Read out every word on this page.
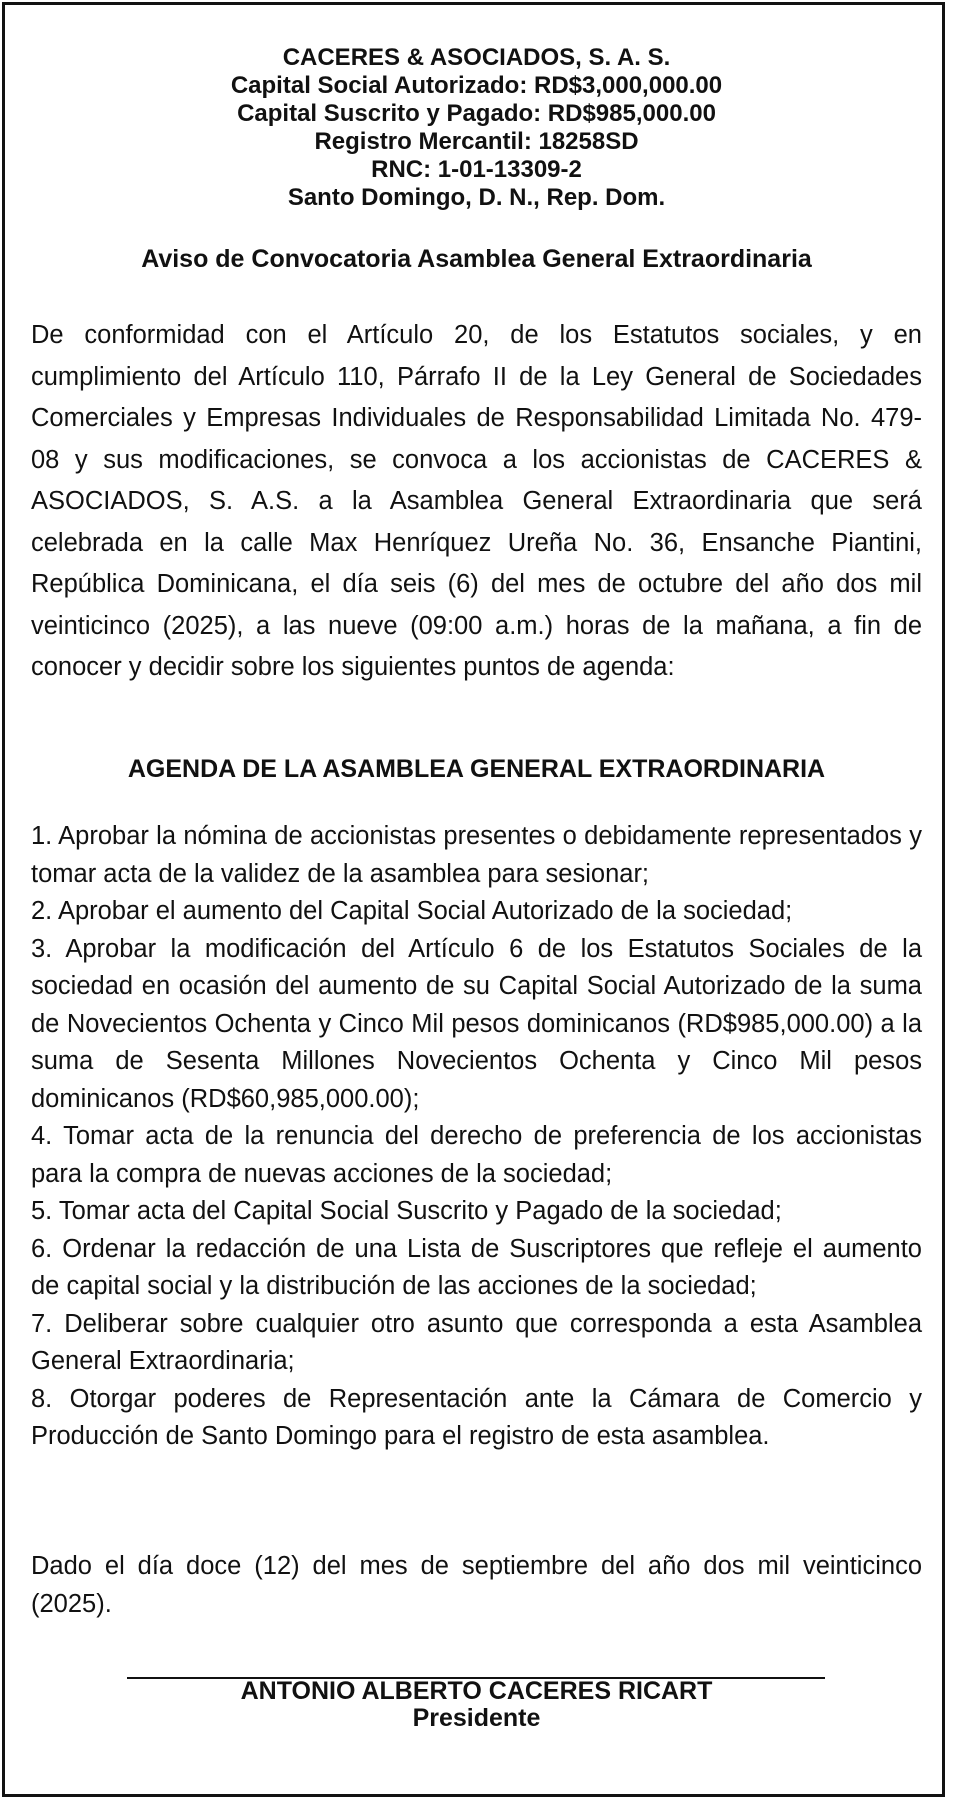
CACERES & ASOCIADOS, S. A. S.
Capital Social Autorizado: RD$3,000,000.00
Capital Suscrito y Pagado: RD$985,000.00
Registro Mercantil: 18258SD
RNC: 1-01-13309-2
Santo Domingo, D. N., Rep. Dom.
Aviso de Convocatoria Asamblea General Extraordinaria

De conformidad con el Artículo 20, de los Estatutos sociales, y en cumplimiento del Artículo 110, Párrafo II de la Ley General de Sociedades Comerciales y Empresas Individuales de Responsabilidad Limitada No. 479-08 y sus modificaciones, se convoca a los accionistas de CACERES & ASOCIADOS, S. A.S. a la Asamblea General Extraordinaria que será celebrada en la calle Max Henríquez Ureña No. 36, Ensanche Piantini, República Dominicana, el día seis (6) del mes de octubre del año dos mil veinticinco (2025), a las nueve (09:00 a.m.) horas de la mañana, a fin de conocer y decidir sobre los siguientes puntos de agenda:

AGENDA DE LA ASAMBLEA GENERAL EXTRAORDINARIA
1. Aprobar la nómina de accionistas presentes o debidamente representados y tomar acta de la validez de la asamblea para sesionar;
2. Aprobar el aumento del Capital Social Autorizado de la sociedad;
3. Aprobar la modificación del Artículo 6 de los Estatutos Sociales de la sociedad en ocasión del aumento de su Capital Social Autorizado de la suma de Novecientos Ochenta y Cinco Mil pesos dominicanos (RD$985,000.00) a la suma de Sesenta Millones Novecientos Ochenta y Cinco Mil pesos dominicanos (RD$60,985,000.00);
4. Tomar acta de la renuncia del derecho de preferencia de los accionistas para la compra de nuevas acciones de la sociedad;
5. Tomar acta del Capital Social Suscrito y Pagado de la sociedad;
6. Ordenar la redacción de una Lista de Suscriptores que refleje el aumento de capital social y la distribución de las acciones de la sociedad;
7. Deliberar sobre cualquier otro asunto que corresponda a esta Asamblea General Extraordinaria;
8. Otorgar poderes de Representación ante la Cámara de Comercio y Producción de Santo Domingo para el registro de esta asamblea.

Dado el día doce (12) del mes de septiembre del año dos mil veinticinco (2025).

ANTONIO ALBERTO CACERES RICART
Presidente
